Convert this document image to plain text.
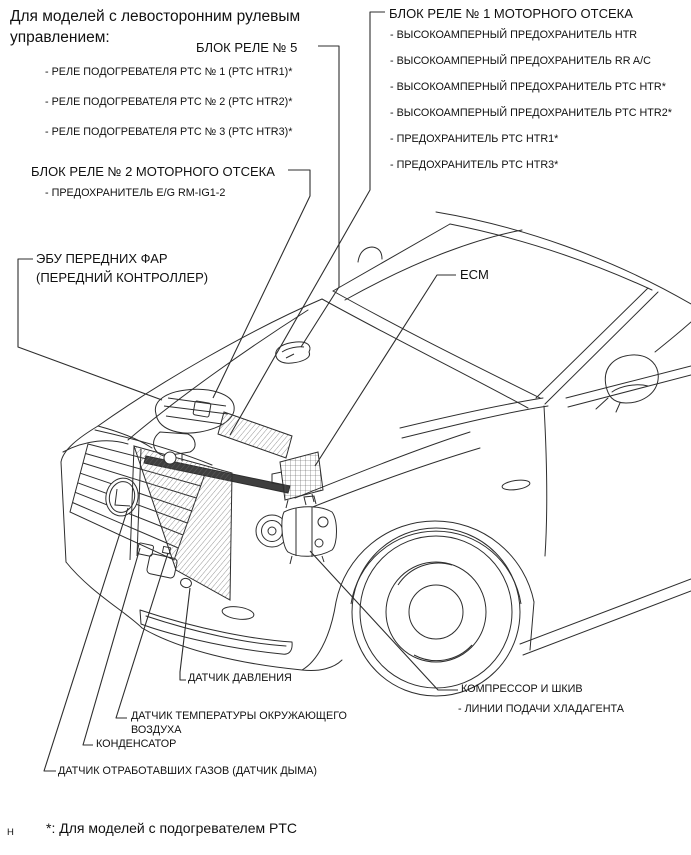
Для моделей с левосторонним рулевым
управлением:
БЛОК РЕЛЕ № 5
- РЕЛЕ ПОДОГРЕВАТЕЛЯ PTC № 1 (PTC HTR1)*
- РЕЛЕ ПОДОГРЕВАТЕЛЯ PTC № 2 (PTC HTR2)*
- РЕЛЕ ПОДОГРЕВАТЕЛЯ PTC № 3 (PTC HTR3)*
БЛОК РЕЛЕ № 2 МОТОРНОГО ОТСЕКА
- ПРЕДОХРАНИТЕЛЬ E/G RM-IG1-2
БЛОК РЕЛЕ № 1 МОТОРНОГО ОТСЕКА
- ВЫСОКОАМПЕРНЫЙ ПРЕДОХРАНИТЕЛЬ HTR
- ВЫСОКОАМПЕРНЫЙ ПРЕДОХРАНИТЕЛЬ RR A/C
- ВЫСОКОАМПЕРНЫЙ ПРЕДОХРАНИТЕЛЬ PTC HTR*
- ВЫСОКОАМПЕРНЫЙ ПРЕДОХРАНИТЕЛЬ PTC HTR2*
- ПРЕДОХРАНИТЕЛЬ PTC HTR1*
- ПРЕДОХРАНИТЕЛЬ PTC HTR3*
ЭБУ ПЕРЕДНИХ ФАР
(ПЕРЕДНИЙ КОНТРОЛЛЕР)	ECM
ДАТЧИК ДАВЛЕНИЯ
ДАТЧИК ТЕМПЕРАТУРЫ ОКРУЖАЮЩЕГО
ВОЗДУХА
КОНДЕНСАТОР
ДАТЧИК ОТРАБОТАВШИХ ГАЗОВ (ДАТЧИК ДЫМА)
КОМПРЕССОР И ШКИВ
- ЛИНИИ ПОДАЧИ ХЛАДАГЕНТА
*: Для моделей с подогревателем PTC
H
